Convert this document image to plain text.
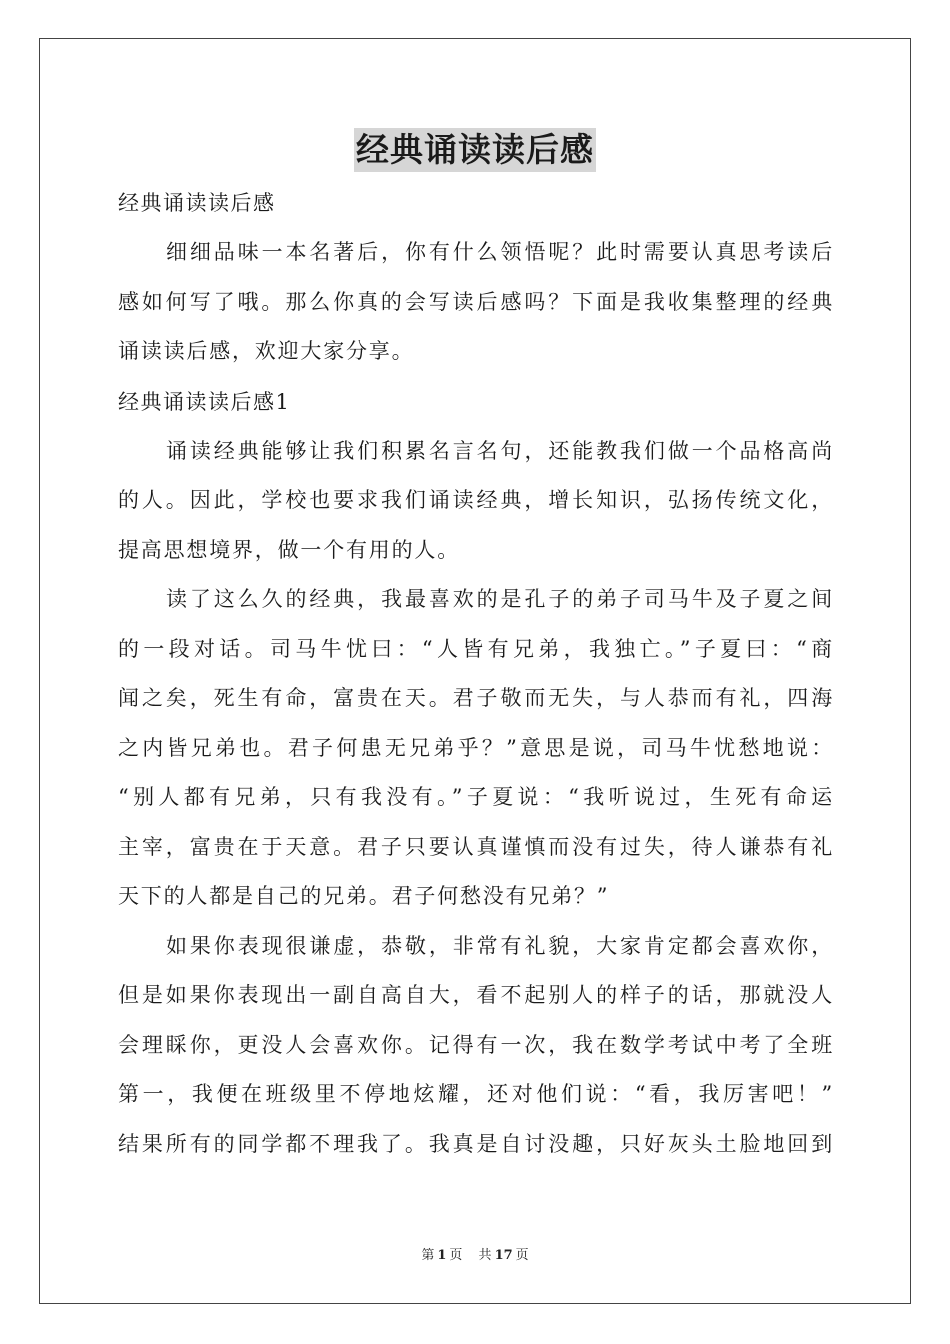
经典诵读读后感
经典诵读读后感
细细品味一本名著后，你有什么领悟呢？此时需要认真思考读后
感如何写了哦。那么你真的会写读后感吗？下面是我收集整理的经典
诵读读后感，欢迎大家分享。
经典诵读读后感1
诵读经典能够让我们积累名言名句，还能教我们做一个品格高尚
的人。因此，学校也要求我们诵读经典，增长知识，弘扬传统文化，
提高思想境界，做一个有用的人。
读了这么久的经典，我最喜欢的是孔子的弟子司马牛及子夏之间
的一段对话。司马牛忧曰：“人皆有兄弟，我独亡。”子夏曰：“商
闻之矣，死生有命，富贵在天。君子敬而无失，与人恭而有礼，四海
之内皆兄弟也。君子何患无兄弟乎？”意思是说，司马牛忧愁地说：
“别人都有兄弟，只有我没有。”子夏说：“我听说过，生死有命运
主宰，富贵在于天意。君子只要认真谨慎而没有过失，待人谦恭有礼
天下的人都是自己的兄弟。君子何愁没有兄弟？”
如果你表现很谦虚，恭敬，非常有礼貌，大家肯定都会喜欢你，
但是如果你表现出一副自高自大，看不起别人的样子的话，那就没人
会理睬你，更没人会喜欢你。记得有一次，我在数学考试中考了全班
第一，我便在班级里不停地炫耀，还对他们说：“看，我厉害吧！”
结果所有的同学都不理我了。我真是自讨没趣，只好灰头土脸地回到
第 1 页 共 17 页
